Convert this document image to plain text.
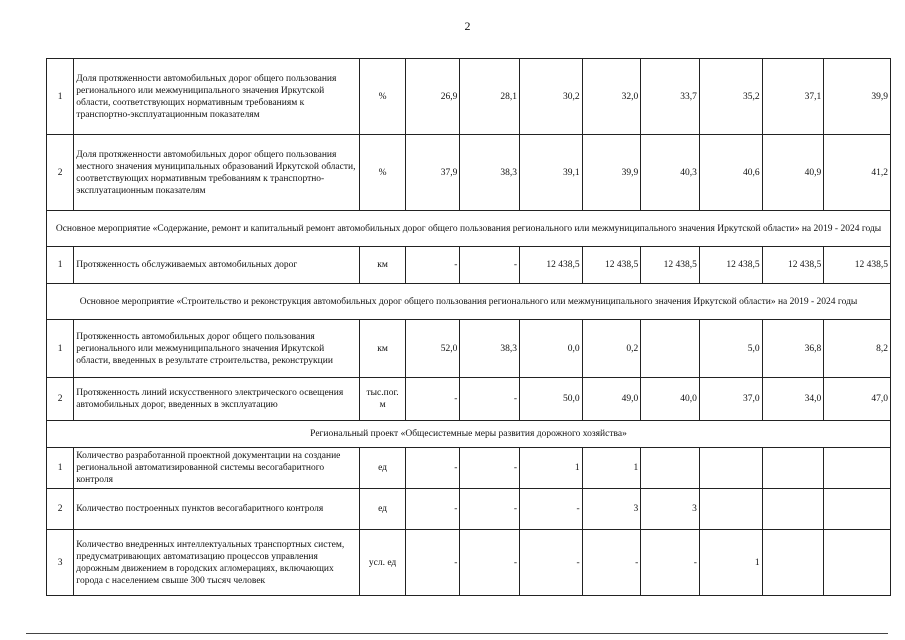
2
1	Доля протяженности автомобильных дорог общего пользования регионального или межмуниципального значения Иркутской области, соответствующих нормативным требованиям к транспортно-эксплуатационным показателям	%	26,9	28,1	30,2	32,0	33,7	35,2	37,1	39,9
2	Доля протяженности автомобильных дорог общего пользования местного значения муниципальных образований Иркутской области, соответствующих нормативным требованиям к транспортно-эксплуатационным показателям	%	37,9	38,3	39,1	39,9	40,3	40,6	40,9	41,2
Основное мероприятие «Содержание, ремонт и капитальный ремонт автомобильных дорог общего пользования регионального или межмуниципального значения Иркутской области» на 2019 - 2024 годы										
1	Протяженность обслуживаемых автомобильных дорог	км	-	-	12 438,5	12 438,5	12 438,5	12 438,5	12 438,5	12 438,5
Основное мероприятие «Строительство и реконструкция автомобильных дорог общего пользования регионального или межмуниципального значения Иркутской области» на 2019 - 2024 годы										
1	Протяженность автомобильных дорог общего пользования регионального или межмуниципального значения Иркутской области, введенных в результате строительства, реконструкции	км	52,0	38,3	0,0	0,2		5,0	36,8	8,2
2	Протяженность линий искусственного электрического освещения автомобильных дорог, введенных в эксплуатацию	тыс.пог. м	-	-	50,0	49,0	40,0	37,0	34,0	47,0
Региональный проект «Общесистемные меры развития дорожного хозяйства»										
1	Количество разработанной проектной документации на создание региональной автоматизированной системы весогабаритного контроля	ед	-	-	1	1				
2	Количество построенных пунктов весогабаритного контроля	ед	-	-	-	3	3			
3	Количество внедренных интеллектуальных транспортных систем, предусматривающих автоматизацию процессов управления дорожным движением в городских агломерациях, включающих города с населением свыше 300 тысяч человек	усл. ед	-	-	-	-	-	1		
